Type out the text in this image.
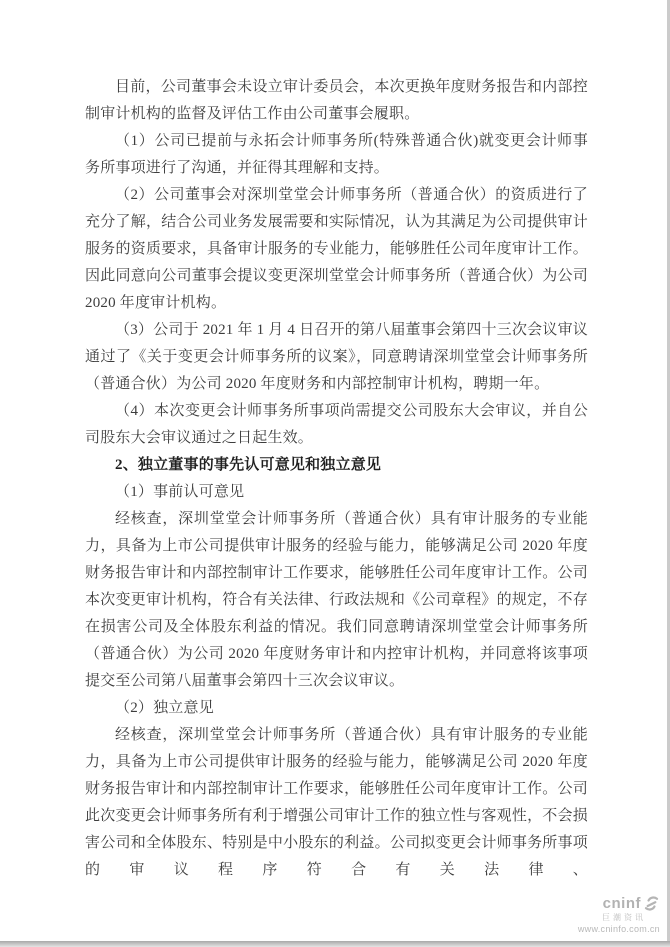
目前，公司董事会未设立审计委员会，本次更换年度财务报告和内部控制审计机构的监督及评估工作由公司董事会履职。

（1）公司已提前与永拓会计师事务所(特殊普通合伙)就变更会计师事务所事项进行了沟通，并征得其理解和支持。

（2）公司董事会对深圳堂堂会计师事务所（普通合伙）的资质进行了充分了解，结合公司业务发展需要和实际情况，认为其满足为公司提供审计服务的资质要求，具备审计服务的专业能力，能够胜任公司年度审计工作。因此同意向公司董事会提议变更深圳堂堂会计师事务所（普通合伙）为公司 2020 年度审计机构。

（3）公司于 2021 年 1 月 4 日召开的第八届董事会第四十三次会议审议通过了《关于变更会计师事务所的议案》，同意聘请深圳堂堂会计师事务所（普通合伙）为公司 2020 年度财务和内部控制审计机构，聘期一年。

（4）本次变更会计师事务所事项尚需提交公司股东大会审议，并自公司股东大会审议通过之日起生效。

2、独立董事的事先认可意见和独立意见

（1）事前认可意见

经核查，深圳堂堂会计师事务所（普通合伙）具有审计服务的专业能力，具备为上市公司提供审计服务的经验与能力，能够满足公司 2020 年度财务报告审计和内部控制审计工作要求，能够胜任公司年度审计工作。公司本次变更审计机构，符合有关法律、行政法规和《公司章程》的规定，不存在损害公司及全体股东利益的情况。我们同意聘请深圳堂堂会计师事务所（普通合伙）为公司 2020 年度财务审计和内控审计机构，并同意将该事项提交至公司第八届董事会第四十三次会议审议。

（2）独立意见

经核查，深圳堂堂会计师事务所（普通合伙）具有审计服务的专业能力，具备为上市公司提供审计服务的经验与能力，能够满足公司 2020 年度财务报告审计和内部控制审计工作要求，能够胜任公司年度审计工作。公司此次变更会计师事务所有利于增强公司审计工作的独立性与客观性，不会损害公司和全体股东、特别是中小股东的利益。公司拟变更会计师事务所事项的审议程序符合有关法律、

cninf
巨潮资讯
www.cninfo.com.cn
